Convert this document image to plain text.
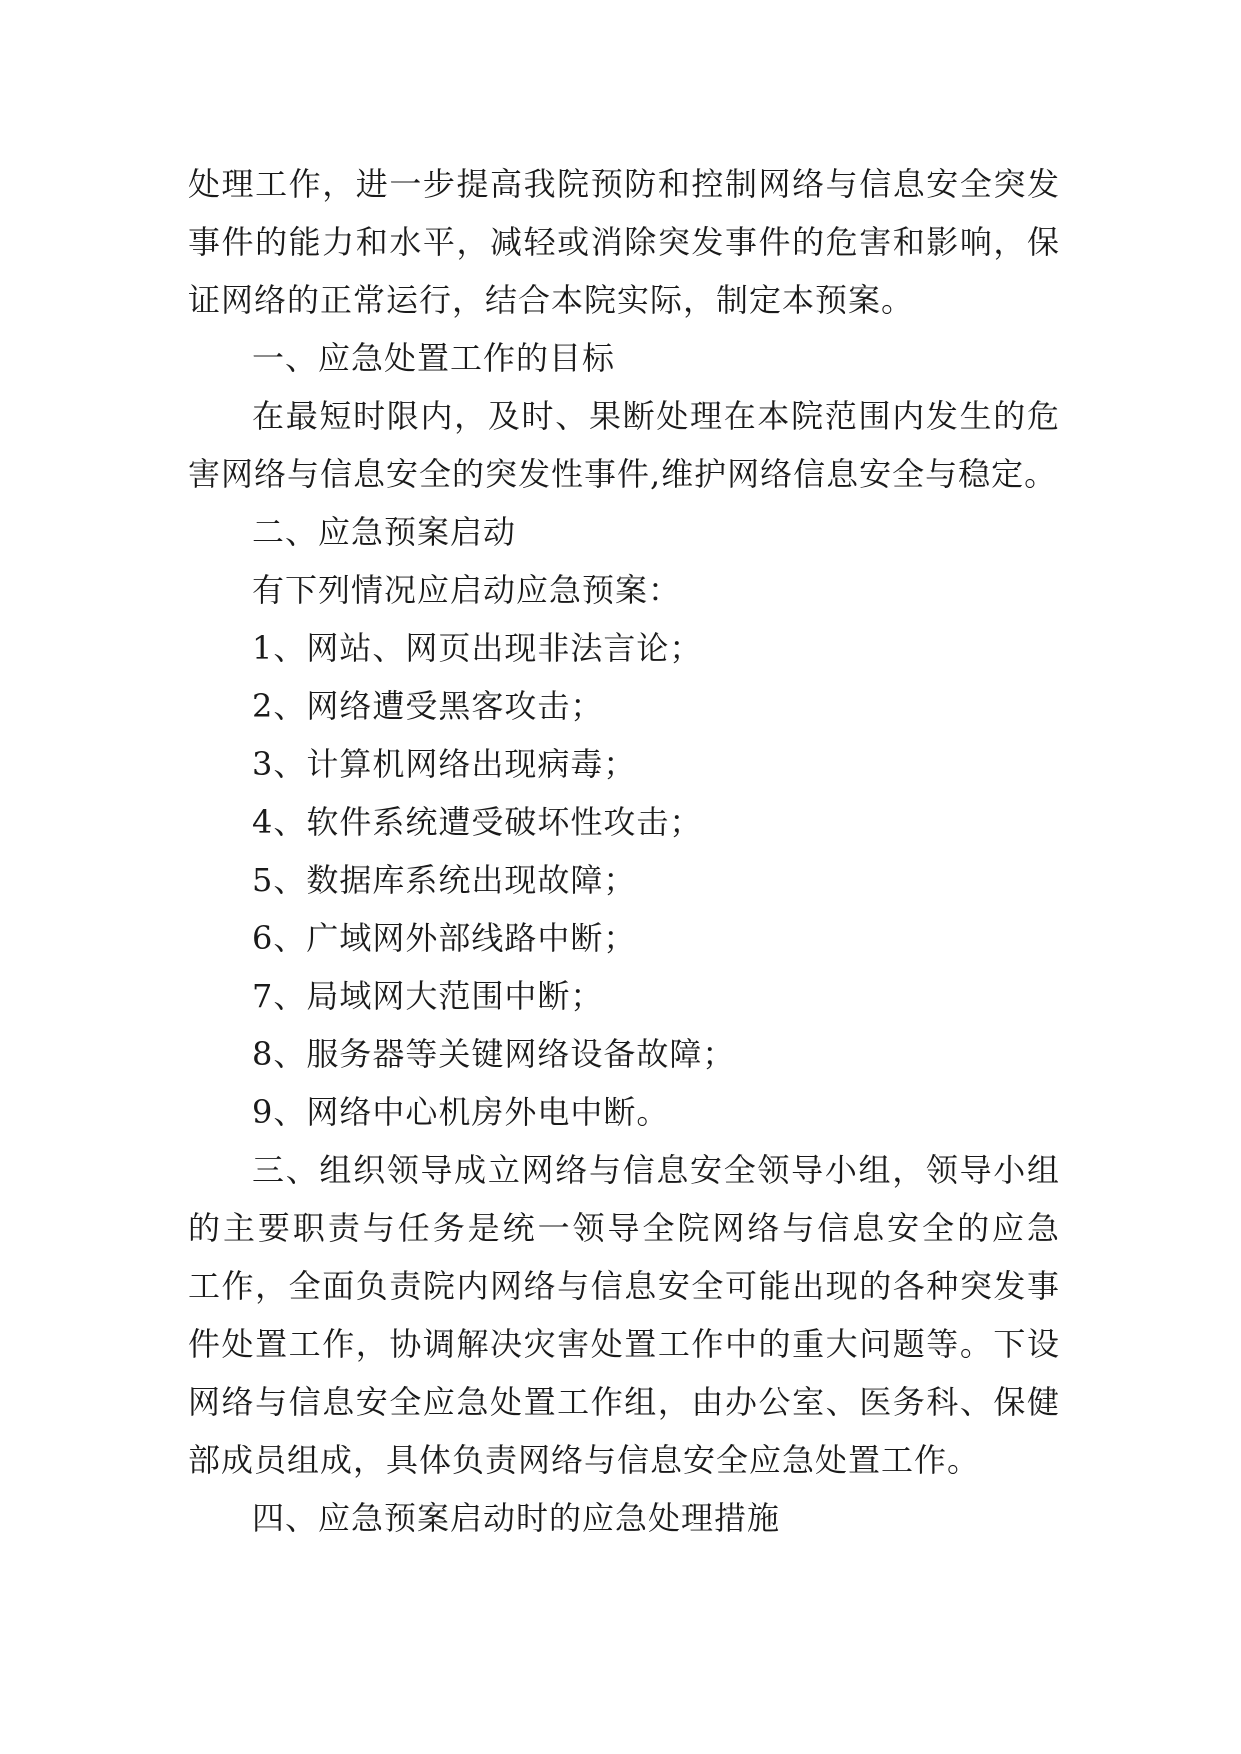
处理工作，进一步提高我院预防和控制网络与信息安全突发
事件的能力和水平，减轻或消除突发事件的危害和影响，保
证网络的正常运行，结合本院实际，制定本预案。
一、应急处置工作的目标
在最短时限内，及时、果断处理在本院范围内发生的危
害网络与信息安全的突发性事件,维护网络信息安全与稳定。
二、应急预案启动
有下列情况应启动应急预案：
1、网站、网页出现非法言论；
2、网络遭受黑客攻击；
3、计算机网络出现病毒；
4、软件系统遭受破坏性攻击；
5、数据库系统出现故障；
6、广域网外部线路中断；
7、局域网大范围中断；
8、服务器等关键网络设备故障；
9、网络中心机房外电中断。
三、组织领导成立网络与信息安全领导小组，领导小组
的主要职责与任务是统一领导全院网络与信息安全的应急
工作，全面负责院内网络与信息安全可能出现的各种突发事
件处置工作，协调解决灾害处置工作中的重大问题等。下设
网络与信息安全应急处置工作组，由办公室、医务科、保健
部成员组成，具体负责网络与信息安全应急处置工作。
四、应急预案启动时的应急处理措施
